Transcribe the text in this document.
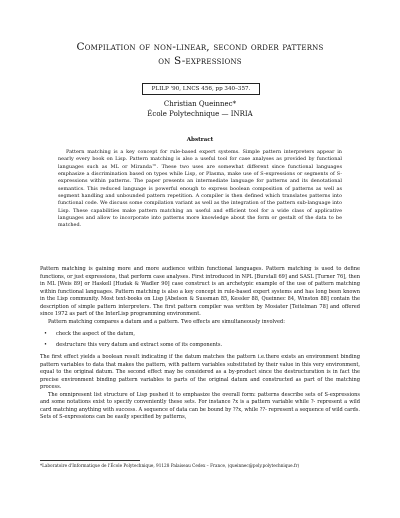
Compilation of non-linear, second order patterns
on S-expressions
PLILP '90, LNCS 456, pp 340–357.
Christian Queinnec*
École Polytechnique — INRIA
Abstract

Pattern matching is a key concept for rule-based expert systems. Simple pattern interpreters appear in nearly every book on Lisp. Pattern matching is also a useful tool for case analyses as provided by functional languages such as ML or Miranda™. These two uses are somewhat different since functional languages emphasize a discrimination based on types while Lisp, or Plasma, make use of S-expressions or segments of S-expressions within patterns. The paper presents an intermediate language for patterns and its denotational semantics. This reduced language is powerful enough to express boolean composition of patterns as well as segment handling and unbounded pattern repetition. A compiler is then defined which translates patterns into functional code. We discuss some compilation variant as well as the integration of the pattern sub-language into Lisp. These capabilities make pattern matching an useful and efficient tool for a wide class of applicative languages and allow to incorporate into patterns more knowledge about the form or gestalt of the data to be matched.

Pattern matching is gaining more and more audience within functional languages. Pattern matching is used to define functions, or just expressions, that perform case analyses. First introduced in NPL [Burstall 69] and SASL [Turner 76], then in ML [Weis 89] or Haskell [Hudak & Wadler 90] case construct is an archetypic example of the use of pattern matching within functional languages. Pattern matching is also a key concept in rule-based expert systems and has long been known in the Lisp community. Most text-books on Lisp [Abelson & Sussman 85, Kessler 88, Queinnec 84, Winston 88] contain the description of simple pattern interpreters. The first pattern compiler was written by Mosiater [Teitelman 78] and offered since 1972 as part of the InterLisp programming environment.

Pattern matching compares a datum and a pattern. Two effects are simultaneously involved:

• check the aspect of the datum,
• destructure this very datum and extract some of its components.

The first effect yields a boolean result indicating if the datum matches the pattern i.e.there exists an environment binding pattern variables to data that makes the pattern, with pattern variables substituted by their value in this very environment, equal to the original datum. The second effect may be considered as a by-product since the destructuration is in fact the precise environment binding pattern variables to parts of the original datum and constructed as part of the matching process.

The omnipresent list structure of Lisp pushed it to emphasize the overall form: patterns describe sets of S-expressions and some notations exist to specify conveniently these sets. For instance ?x is a pattern variable while ?- represent a wild card matching anything with success. A sequence of data can be bound by ??x, while ??- represent a sequence of wild cards. Sets of S-expressions can be easily specified by patterns,

*Laboratoire d'Informatique de l'École Polytechnique, 91128 Palaiseau Cedex – France, (queinnec@poly.polytechnique.fr)
